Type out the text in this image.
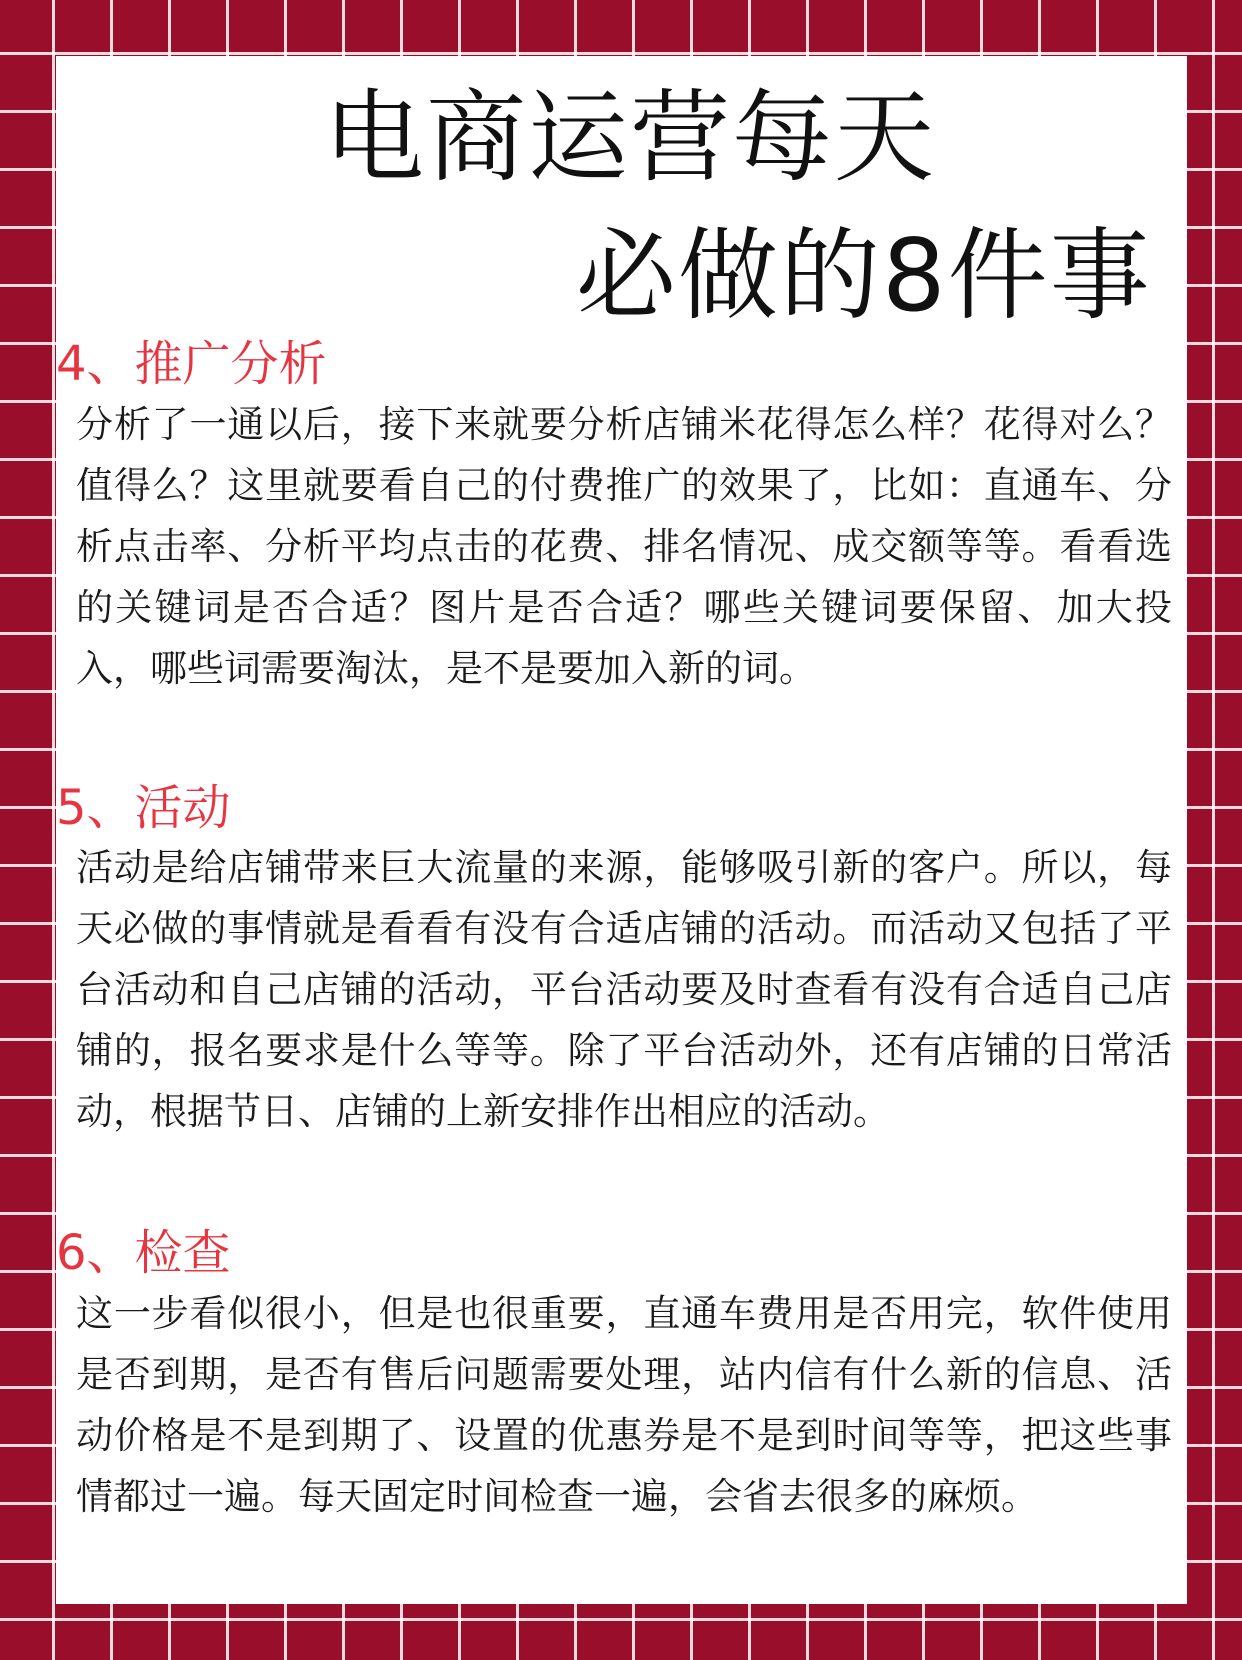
电商运营每天
必做的8件事
4、推广分析
分析了一通以后，接下来就要分析店铺米花得怎么样？花得对么？值得么？这里就要看自己的付费推广的效果了，比如：直通车、分析点击率、分析平均点击的花费、排名情况、成交额等等。看看选的关键词是否合适？图片是否合适？哪些关键词要保留、加大投入，哪些词需要淘汰，是不是要加入新的词。
5、活动
活动是给店铺带来巨大流量的来源，能够吸引新的客户。所以，每天必做的事情就是看看有没有合适店铺的活动。而活动又包括了平台活动和自己店铺的活动，平台活动要及时查看有没有合适自己店铺的，报名要求是什么等等。除了平台活动外，还有店铺的日常活动，根据节日、店铺的上新安排作出相应的活动。
6、检查
这一步看似很小，但是也很重要，直通车费用是否用完，软件使用是否到期，是否有售后问题需要处理，站内信有什么新的信息、活动价格是不是到期了、设置的优惠券是不是到时间等等，把这些事情都过一遍。每天固定时间检查一遍，会省去很多的麻烦。
